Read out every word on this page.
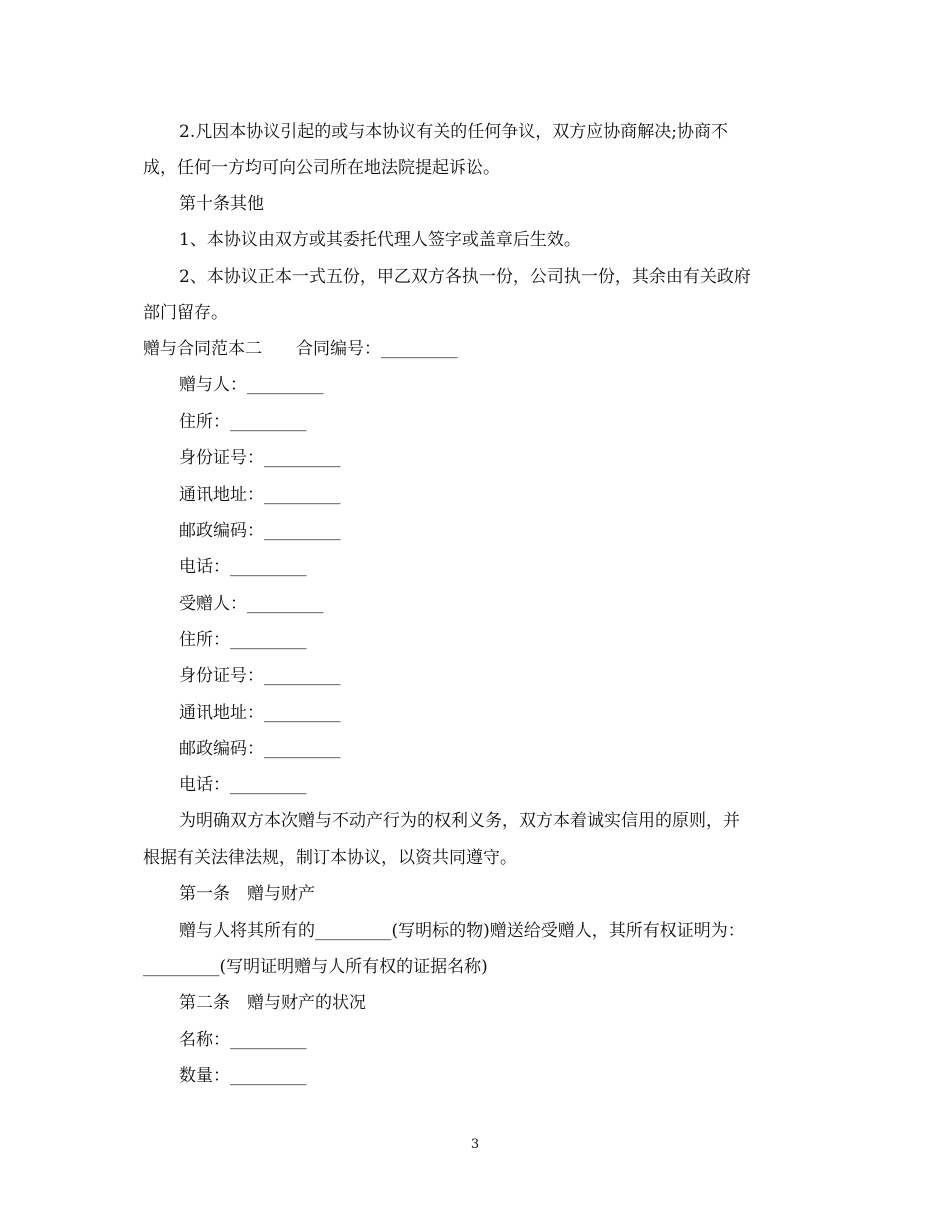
2.凡因本协议引起的或与本协议有关的任何争议，双方应协商解决;协商不
成，任何一方均可向公司所在地法院提起诉讼。
第十条其他
1、本协议由双方或其委托代理人签字或盖章后生效。
2、本协议正本一式五份，甲乙双方各执一份，公司执一份，其余由有关政府
部门留存。
赠与合同范本二　　合同编号：_________
赠与人：_________
住所：_________
身份证号：_________
通讯地址：_________
邮政编码：_________
电话：_________
受赠人：_________
住所：_________
身份证号：_________
通讯地址：_________
邮政编码：_________
电话：_________
为明确双方本次赠与不动产行为的权利义务，双方本着诚实信用的原则，并
根据有关法律法规，制订本协议，以资共同遵守。
第一条　赠与财产
赠与人将其所有的_________(写明标的物)赠送给受赠人，其所有权证明为：
_________(写明证明赠与人所有权的证据名称)
第二条　赠与财产的状况
名称：_________
数量：_________
3
